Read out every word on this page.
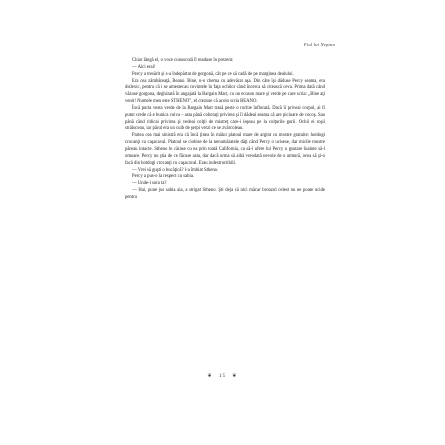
Fiul lui Neptun

Chiar lângă el, o voce cunoscută îl readuse în prezent:

— Aici erai!

Percy a tresărit şi s-a îndepărtat de gorgonă, cât pe ce să cadă de pe marginea dealului.

Era cea zâmbăreaţă, Beano. Bine, n-o chema cu adevărat aşa. Din câte îşi dăduse Percy seama, era dislexic, pentru că i se amestecau cuvintele în faţa ochilor când încerca să citească ceva. Prima dată când văzuse gorgona, deghizată în angajată la Bargain Mart, cu un ecuson mare şi verde pe care scria: „Bine aţi venit! Numele meu este STHENO”, el crezuse că acolo scria BEANO.

Încă purta vesta verde de la Bargain Mart trasă peste o rochie înflorată. Dacă îi priveai corpul, ai fi putut crede că e bunica cuiva – asta până coboraţi privirea şi îi dădeai seama că are picioare de cocoş. Sau până când ridicai privirea şi vedeai colţii de mistreţ care-i ieşeau pe la colţurile gurii. Ochii ei roşii străluceau, iar părul era un cuib de şerpi verzi ce se zvârcoleau.

Partea cea mai sinistră era că încă ţinea în mâini platoul mare de argint cu mostre gratuite: hotdogi crocanţi cu caşacaval. Platoul se ciobise de la nenumăratele dăţi când Percy o ucisese, dar micile mostre păreau intacte. Stheno le cărase cu ea prin toată California, ca să-i ofere lui Percy o gustare înainte să-l omoare. Percy nu ştia de ce făcuse asta, dar dacă urma să aibă vreodată nevoie de o armură, avea să şi-o facă din hotdogi crocanţi cu caşacaval. Erau indestructibili.

— Vrei să guşti o bucăţică? l-a îmbiat Stheno.

Percy a pus-o la respect cu sabia.

— Unde-i sora ta?

— Hai, pune jos sabia aia, a strigat Stheno. Şti deja că nici măcar bronzul celest nu ne poate ucide pentru

❦ 15 ❦
